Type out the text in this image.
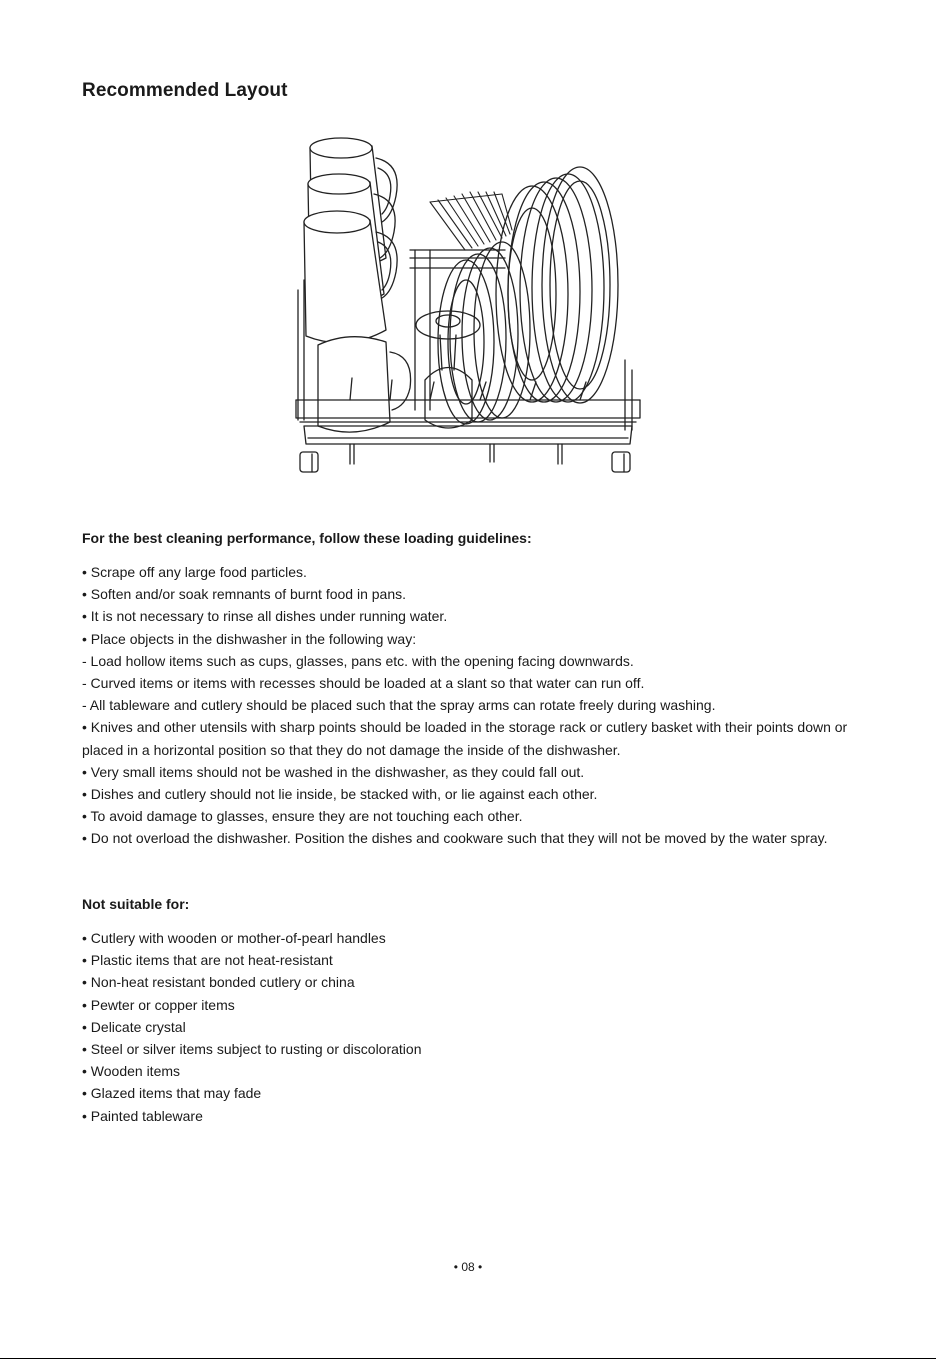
Recommended Layout
For the best cleaning performance, follow these loading guidelines:
• Scrape off any large food particles.
• Soften and/or soak remnants of burnt food in pans.
• It is not necessary to rinse all dishes under running water.
• Place objects in the dishwasher in the following way:
- Load hollow items such as cups, glasses, pans etc. with the opening facing downwards.
- Curved items or items with recesses should be loaded at a slant so that water can run off.
- All tableware and cutlery should be placed such that the spray arms can rotate freely during washing.
• Knives and other utensils with sharp points should be loaded in the storage rack or cutlery basket with their points down or placed in a horizontal position so that they do not damage the inside of the dishwasher.
• Very small items should not be washed in the dishwasher, as they could fall out.
• Dishes and cutlery should not lie inside, be stacked with, or lie against each other.
• To avoid damage to glasses, ensure they are not touching each other.
• Do not overload the dishwasher. Position the dishes and cookware such that they will not be moved by the water spray.
Not suitable for:
• Cutlery with wooden or mother-of-pearl handles
• Plastic items that are not heat-resistant
• Non-heat resistant bonded cutlery or china
• Pewter or copper items
• Delicate crystal
• Steel or silver items subject to rusting or discoloration
• Wooden items
• Glazed items that may fade
• Painted tableware
• 08 •
